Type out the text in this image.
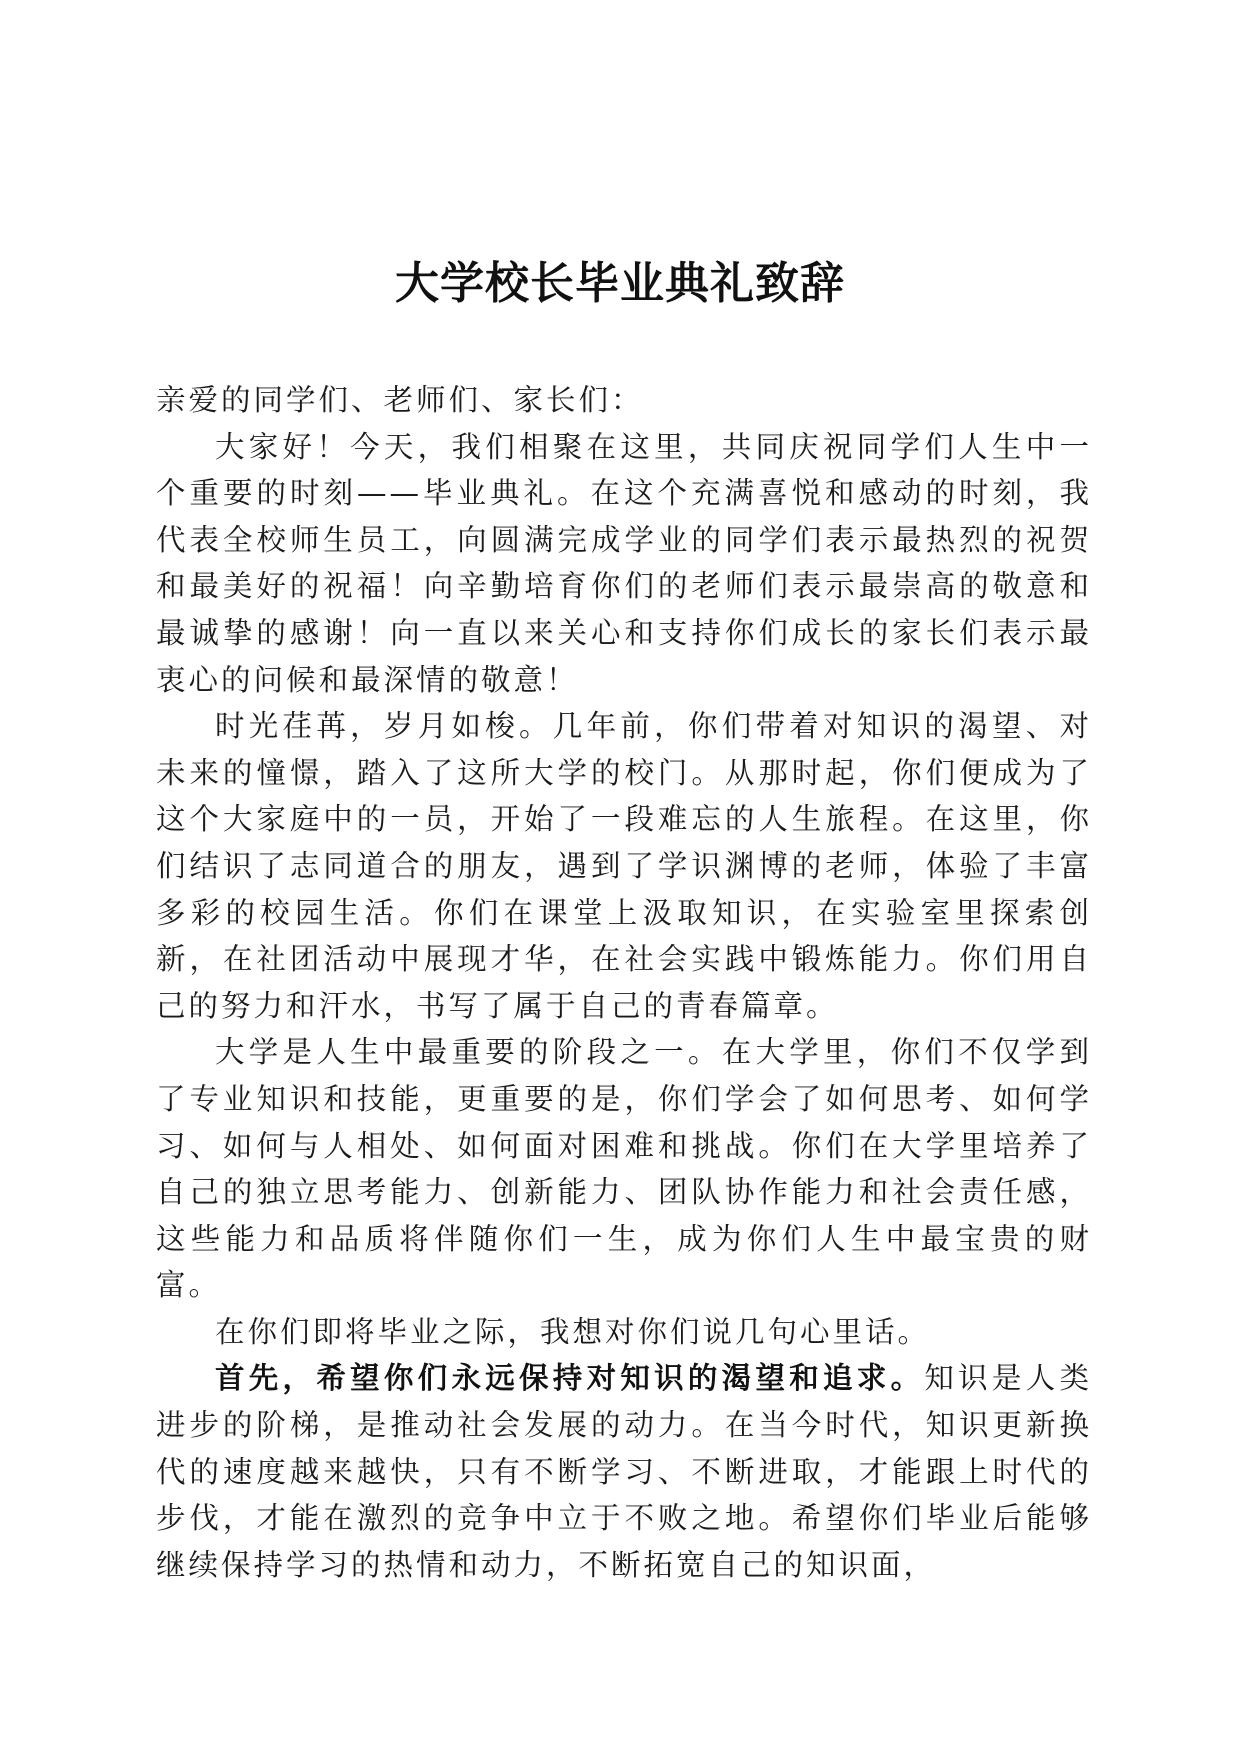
大学校长毕业典礼致辞

亲爱的同学们、老师们、家长们：

大家好！今天，我们相聚在这里，共同庆祝同学们人生中一个重要的时刻——毕业典礼。在这个充满喜悦和感动的时刻，我代表全校师生员工，向圆满完成学业的同学们表示最热烈的祝贺和最美好的祝福！向辛勤培育你们的老师们表示最崇高的敬意和最诚挚的感谢！向一直以来关心和支持你们成长的家长们表示最衷心的问候和最深情的敬意！

时光荏苒，岁月如梭。几年前，你们带着对知识的渴望、对未来的憧憬，踏入了这所大学的校门。从那时起，你们便成为了这个大家庭中的一员，开始了一段难忘的人生旅程。在这里，你们结识了志同道合的朋友，遇到了学识渊博的老师，体验了丰富多彩的校园生活。你们在课堂上汲取知识，在实验室里探索创新，在社团活动中展现才华，在社会实践中锻炼能力。你们用自己的努力和汗水，书写了属于自己的青春篇章。

大学是人生中最重要的阶段之一。在大学里，你们不仅学到了专业知识和技能，更重要的是，你们学会了如何思考、如何学习、如何与人相处、如何面对困难和挑战。你们在大学里培养了自己的独立思考能力、创新能力、团队协作能力和社会责任感，这些能力和品质将伴随你们一生，成为你们人生中最宝贵的财富。

在你们即将毕业之际，我想对你们说几句心里话。

首先，希望你们永远保持对知识的渴望和追求。知识是人类进步的阶梯，是推动社会发展的动力。在当今时代，知识更新换代的速度越来越快，只有不断学习、不断进取，才能跟上时代的步伐，才能在激烈的竞争中立于不败之地。希望你们毕业后能够继续保持学习的热情和动力，不断拓宽自己的知识面，
